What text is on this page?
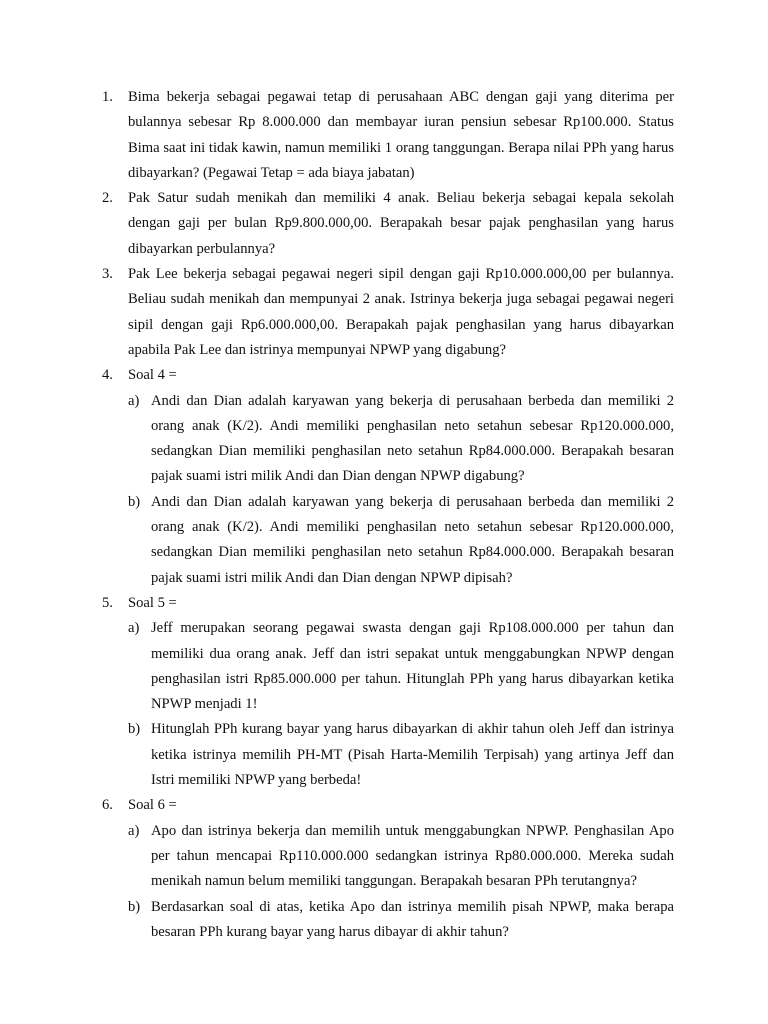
1.	Bima bekerja sebagai pegawai tetap di perusahaan ABC dengan gaji yang diterima per bulannya sebesar Rp 8.000.000 dan membayar iuran pensiun sebesar Rp100.000. Status Bima saat ini tidak kawin, namun memiliki 1 orang tanggungan. Berapa nilai PPh yang harus dibayarkan? (Pegawai Tetap = ada biaya jabatan)
2.	Pak Satur sudah menikah dan memiliki 4 anak. Beliau bekerja sebagai kepala sekolah dengan gaji per bulan Rp9.800.000,00. Berapakah besar pajak penghasilan yang harus dibayarkan perbulannya?
3.	Pak Lee bekerja sebagai pegawai negeri sipil dengan gaji Rp10.000.000,00 per bulannya. Beliau sudah menikah dan mempunyai 2 anak. Istrinya bekerja juga sebagai pegawai negeri sipil dengan gaji Rp6.000.000,00. Berapakah pajak penghasilan yang harus dibayarkan apabila Pak Lee dan istrinya mempunyai NPWP yang digabung?
4.	Soal 4 =
a) Andi dan Dian adalah karyawan yang bekerja di perusahaan berbeda dan memiliki 2 orang anak (K/2). Andi memiliki penghasilan neto setahun sebesar Rp120.000.000, sedangkan Dian memiliki penghasilan neto setahun Rp84.000.000. Berapakah besaran pajak suami istri milik Andi dan Dian dengan NPWP digabung?
b) Andi dan Dian adalah karyawan yang bekerja di perusahaan berbeda dan memiliki 2 orang anak (K/2). Andi memiliki penghasilan neto setahun sebesar Rp120.000.000, sedangkan Dian memiliki penghasilan neto setahun Rp84.000.000. Berapakah besaran pajak suami istri milik Andi dan Dian dengan NPWP dipisah?
5.	Soal 5 =
a) Jeff merupakan seorang pegawai swasta dengan gaji Rp108.000.000 per tahun dan memiliki dua orang anak. Jeff dan istri sepakat untuk menggabungkan NPWP dengan penghasilan istri Rp85.000.000 per tahun. Hitunglah PPh yang harus dibayarkan ketika NPWP menjadi 1!
b) Hitunglah PPh kurang bayar yang harus dibayarkan di akhir tahun oleh Jeff dan istrinya ketika istrinya memilih PH-MT (Pisah Harta-Memilih Terpisah) yang artinya Jeff dan Istri memiliki NPWP yang berbeda!
6.	Soal 6 =
a) Apo dan istrinya bekerja dan memilih untuk menggabungkan NPWP. Penghasilan Apo per tahun mencapai Rp110.000.000 sedangkan istrinya Rp80.000.000. Mereka sudah menikah namun belum memiliki tanggungan. Berapakah besaran PPh terutangnya?
b) Berdasarkan soal di atas, ketika Apo dan istrinya memilih pisah NPWP, maka berapa besaran PPh kurang bayar yang harus dibayar di akhir tahun?
